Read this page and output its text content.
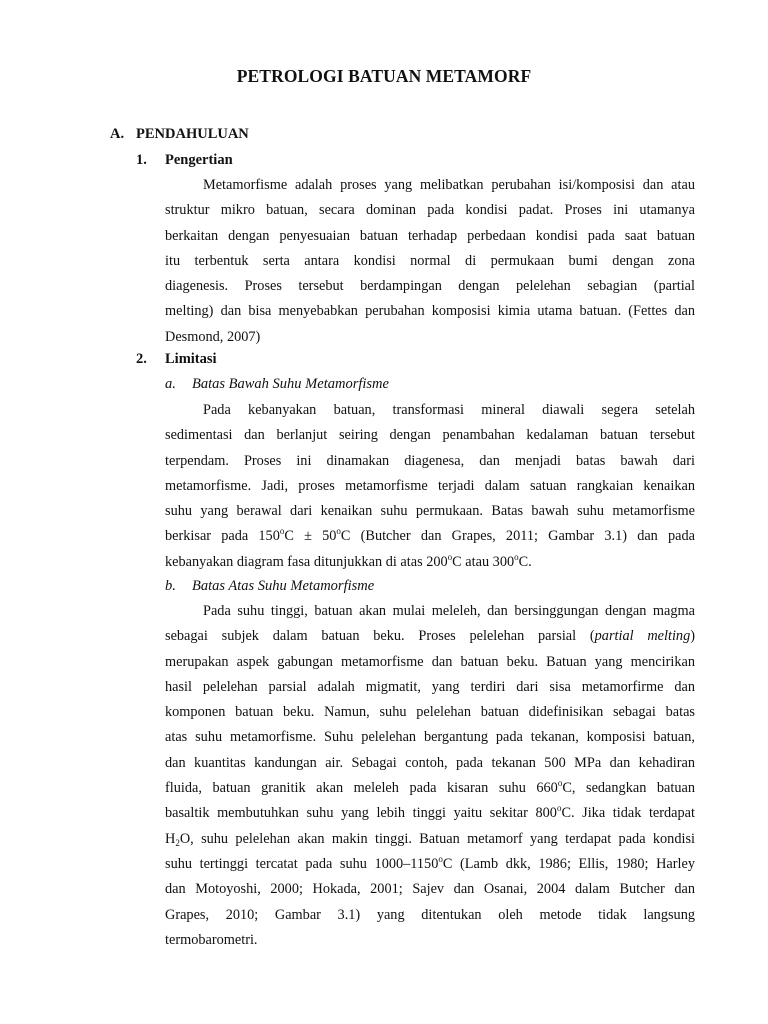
PETROLOGI BATUAN METAMORF
A. PENDAHULUAN
1. Pengertian
Metamorfisme adalah proses yang melibatkan perubahan isi/komposisi dan atau
struktur mikro batuan, secara dominan pada kondisi padat. Proses ini utamanya
berkaitan dengan penyesuaian batuan terhadap perbedaan kondisi pada saat batuan
itu terbentuk serta antara kondisi normal di permukaan bumi dengan zona
diagenesis. Proses tersebut berdampingan dengan pelelehan sebagian (partial
melting) dan bisa menyebabkan perubahan komposisi kimia utama batuan. (Fettes dan
Desmond, 2007)
2. Limitasi
a. Batas Bawah Suhu Metamorfisme
Pada kebanyakan batuan, transformasi mineral diawali segera setelah
sedimentasi dan berlanjut seiring dengan penambahan kedalaman batuan tersebut
terpendam. Proses ini dinamakan diagenesa, dan menjadi batas bawah dari
metamorfisme. Jadi, proses metamorfisme terjadi dalam satuan rangkaian kenaikan
suhu yang berawal dari kenaikan suhu permukaan. Batas bawah suhu metamorfisme
berkisar pada $150^oC \pm 50^oC$ (Butcher dan Grapes, 2011; Gambar 3.1) dan pada
kebanyakan diagram fasa ditunjukkan di atas 200$^o$C atau 300$^o$C.
b. Batas Atas Suhu Metamorfisme
Pada suhu tinggi, batuan akan mulai meleleh, dan bersinggungan dengan magma
sebagai subjek dalam batuan beku. Proses pelelehan parsial (partial melting)
merupakan aspek gabungan metamorfisme dan batuan beku. Batuan yang mencirikan
hasil pelelehan parsial adalah migmatit, yang terdiri dari sisa metamorfirme dan
komponen batuan beku. Namun, suhu pelelehan batuan didefinisikan sebagai batas
atas suhu metamorfisme. Suhu pelelehan bergantung pada tekanan, komposisi batuan,
dan kuantitas kandungan air. Sebagai contoh, pada tekanan 500 MPa dan kehadiran
fluida, batuan granitik akan meleleh pada kisaran suhu 660$^o$C, sedangkan batuan
basaltik membutuhkan suhu yang lebih tinggi yaitu sekitar 800$^o$C. Jika tidak terdapat
$H_2O$, suhu pelelehan akan makin tinggi. Batuan metamorf yang terdapat pada kondisi
suhu tertinggi tercatat pada suhu 1000–1150$^o$C (Lamb dkk, 1986; Ellis, 1980; Harley
dan Motoyoshi, 2000; Hokada, 2001; Sajev dan Osanai, 2004 dalam Butcher dan
Grapes, 2010; Gambar 3.1) yang ditentukan oleh metode tidak langsung
termobarometri.
